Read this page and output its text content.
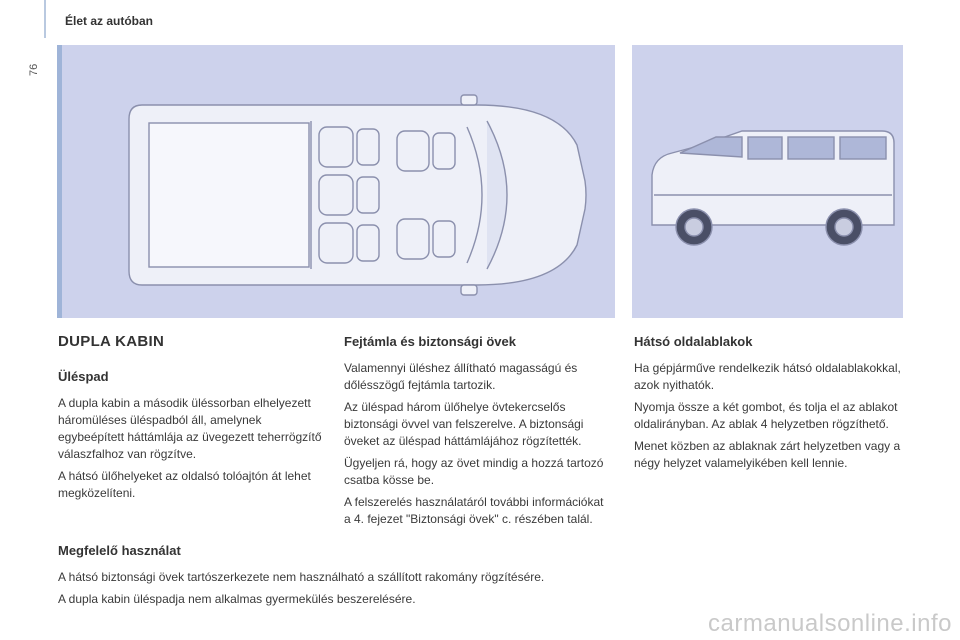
76
Élet az autóban
DUPLA KABIN
Üléspad

A dupla kabin a második üléssorban elhelyezett háromüléses üléspadból áll, amelynek egybeépített háttámlája az üvegezett teherrögzítő válaszfalhoz van rögzítve.

A hátsó ülőhelyeket az oldalsó tolóajtón át lehet megközelíteni.

Fejtámla és biztonsági övek

Valamennyi üléshez állítható magasságú és dőlésszögű fejtámla tartozik.

Az üléspad három ülőhelye övtekercselős biztonsági övvel van felszerelve. A biztonsági öveket az üléspad háttámlájához rögzítették.

Ügyeljen rá, hogy az övet mindig a hozzá tartozó csatba kösse be.

A felszerelés használatáról további információkat a 4. fejezet "Biztonsági övek" c. részében talál.

Hátsó oldalablakok

Ha gépjárműve rendelkezik hátsó oldalablakokkal, azok nyithatók.

Nyomja össze a két gombot, és tolja el az ablakot oldalirányban. Az ablak 4 helyzetben rögzíthető.

Menet közben az ablaknak zárt helyzetben vagy a négy helyzet valamelyikében kell lennie.

Megfelelő használat

A hátsó biztonsági övek tartószerkezete nem használható a szállított rakomány rögzítésére.

A dupla kabin üléspadja nem alkalmas gyermekülés beszerelésére.

carmanualsonline.info
